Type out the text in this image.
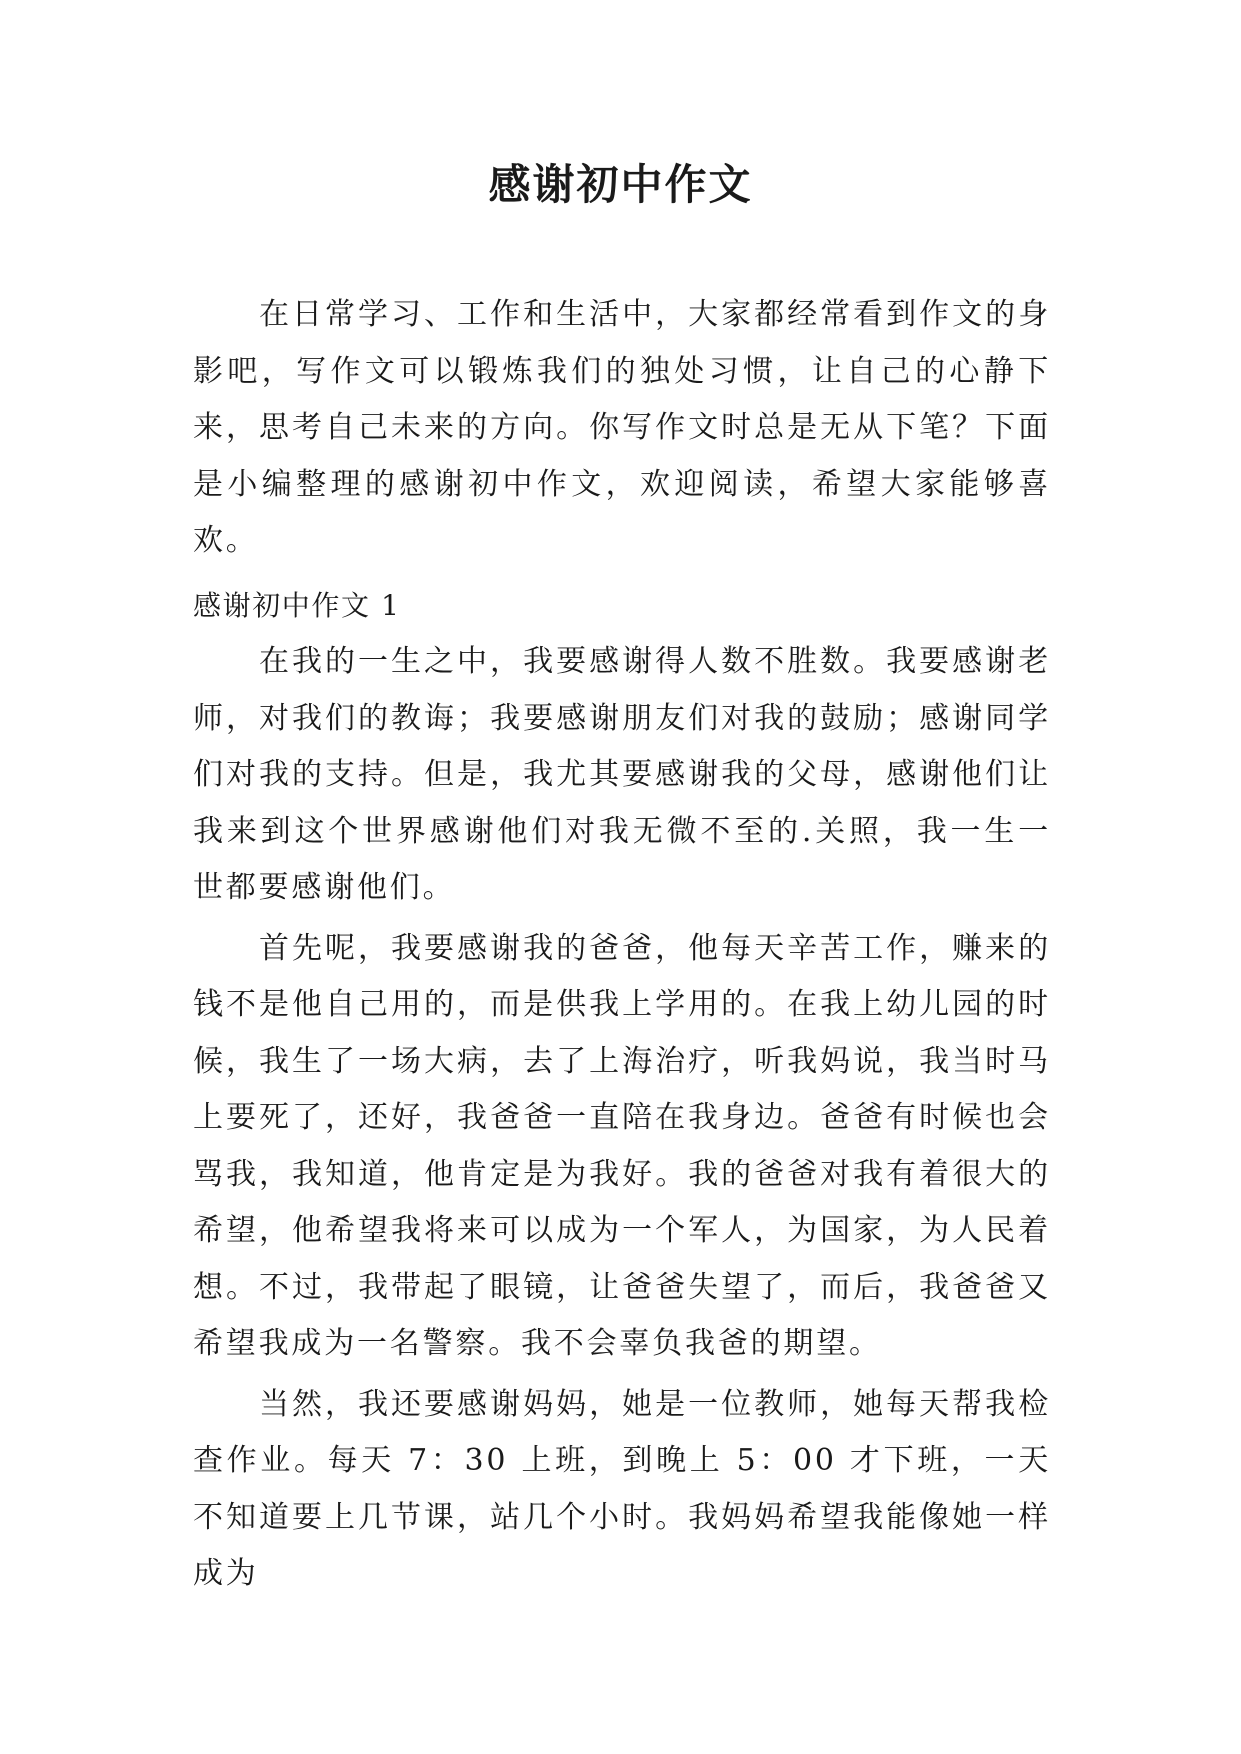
感谢初中作文

在日常学习、工作和生活中，大家都经常看到作文的身影吧，写作文可以锻炼我们的独处习惯，让自己的心静下来，思考自己未来的方向。你写作文时总是无从下笔？下面是小编整理的感谢初中作文，欢迎阅读，希望大家能够喜欢。

感谢初中作文 1

在我的一生之中，我要感谢得人数不胜数。我要感谢老师，对我们的教诲；我要感谢朋友们对我的鼓励；感谢同学们对我的支持。但是，我尤其要感谢我的父母，感谢他们让我来到这个世界感谢他们对我无微不至的.关照，我一生一世都要感谢他们。

首先呢，我要感谢我的爸爸，他每天辛苦工作，赚来的钱不是他自己用的，而是供我上学用的。在我上幼儿园的时候，我生了一场大病，去了上海治疗，听我妈说，我当时马上要死了，还好，我爸爸一直陪在我身边。爸爸有时候也会骂我，我知道，他肯定是为我好。我的爸爸对我有着很大的希望，他希望我将来可以成为一个军人，为国家，为人民着想。不过，我带起了眼镜，让爸爸失望了，而后，我爸爸又希望我成为一名警察。我不会辜负我爸的期望。

当然，我还要感谢妈妈，她是一位教师，她每天帮我检查作业。每天 7：30 上班，到晚上 5：00 才下班，一天不知道要上几节课，站几个小时。我妈妈希望我能像她一样成为
